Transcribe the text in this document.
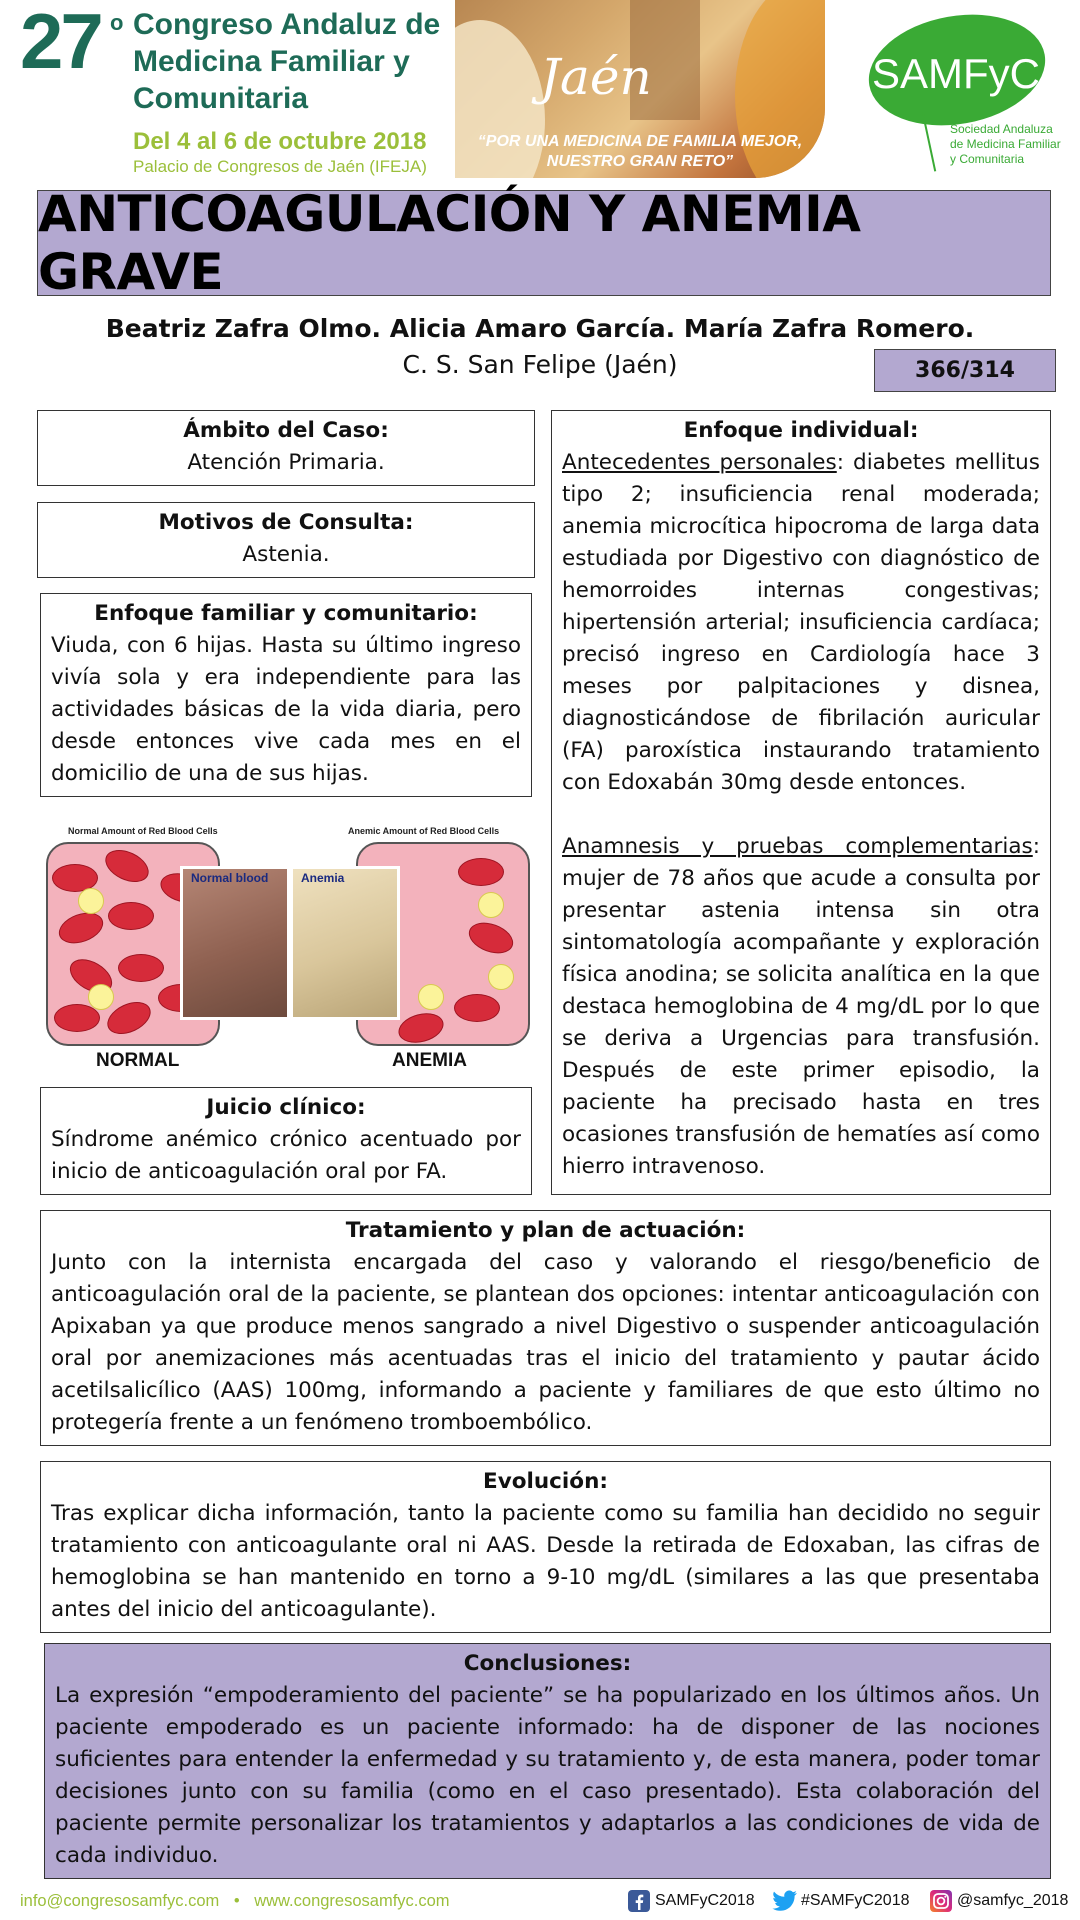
27 o Congreso Andaluz de
Medicina Familiar y
Comunitaria
Del 4 al 6 de octubre 2018
Palacio de Congresos de Jaén (IFEJA)
Jaén
“POR UNA MEDICINA DE FAMILIA MEJOR,
NUESTRO GRAN RETO”
SAMFyC
Sociedad Andaluza
de Medicina Familiar
y Comunitaria
ANTICOAGULACIÓN Y ANEMIA GRAVE
Beatriz Zafra Olmo. Alicia Amaro García. María Zafra Romero.
C. S. San Felipe (Jaén)	366/314
Ámbito del Caso:

Atención Primaria.

Motivos de Consulta:

Astenia.

Enfoque familiar y comunitario:

Viuda, con 6 hijas. Hasta su último ingreso vivía sola y era independiente para las actividades básicas de la vida diaria, pero desde entonces vive cada mes en el domicilio de una de sus hijas.

Normal Amount of Red Blood Cells	Anemic Amount of Red Blood Cells
Normal blood	Anemia
NORMAL	ANEMIA
Juicio clínico:

Síndrome anémico crónico acentuado por inicio de anticoagulación oral por FA.

Enfoque individual:

Antecedentes personales: diabetes mellitus tipo 2; insuficiencia renal moderada; anemia microcítica hipocroma de larga data estudiada por Digestivo con diagnóstico de hemorroides internas congestivas; hipertensión arterial; insuficiencia cardíaca; precisó ingreso en Cardiología hace 3 meses por palpitaciones y disnea, diagnosticándose de fibrilación auricular (FA) paroxística instaurando tratamiento con Edoxabán 30mg desde entonces.

Anamnesis y pruebas complementarias: mujer de 78 años que acude a consulta por presentar astenia intensa sin otra sintomatología acompañante y exploración física anodina; se solicita analítica en la que destaca hemoglobina de 4 mg/dL por lo que se deriva a Urgencias para transfusión. Después de este primer episodio, la paciente ha precisado hasta en tres ocasiones transfusión de hematíes así como hierro intravenoso.

Tratamiento y plan de actuación:

Junto con la internista encargada del caso y valorando el riesgo/beneficio de anticoagulación oral de la paciente, se plantean dos opciones: intentar anticoagulación con Apixaban ya que produce menos sangrado a nivel Digestivo o suspender anticoagulación oral por anemizaciones más acentuadas tras el inicio del tratamiento y pautar ácido acetilsalicílico (AAS) 100mg, informando a paciente y familiares de que esto último no protegería frente a un fenómeno tromboembólico.

Evolución:

Tras explicar dicha información, tanto la paciente como su familia han decidido no seguir tratamiento con anticoagulante oral ni AAS. Desde la retirada de Edoxaban, las cifras de hemoglobina se han mantenido en torno a 9-10 mg/dL (similares a las que presentaba antes del inicio del anticoagulante).

Conclusiones:

La expresión “empoderamiento del paciente” se ha popularizado en los últimos años. Un paciente empoderado es un paciente informado: ha de disponer de las nociones suficientes para entender la enfermedad y su tratamiento y, de esta manera, poder tomar decisiones junto con su familia (como en el caso presentado). Esta colaboración del paciente permite personalizar los tratamientos y adaptarlos a las condiciones de vida de cada individuo.

info@congresosamfyc.com • www.congresosamfyc.com	SAMFyC2018	#SAMFyC2018	@samfyc_2018
